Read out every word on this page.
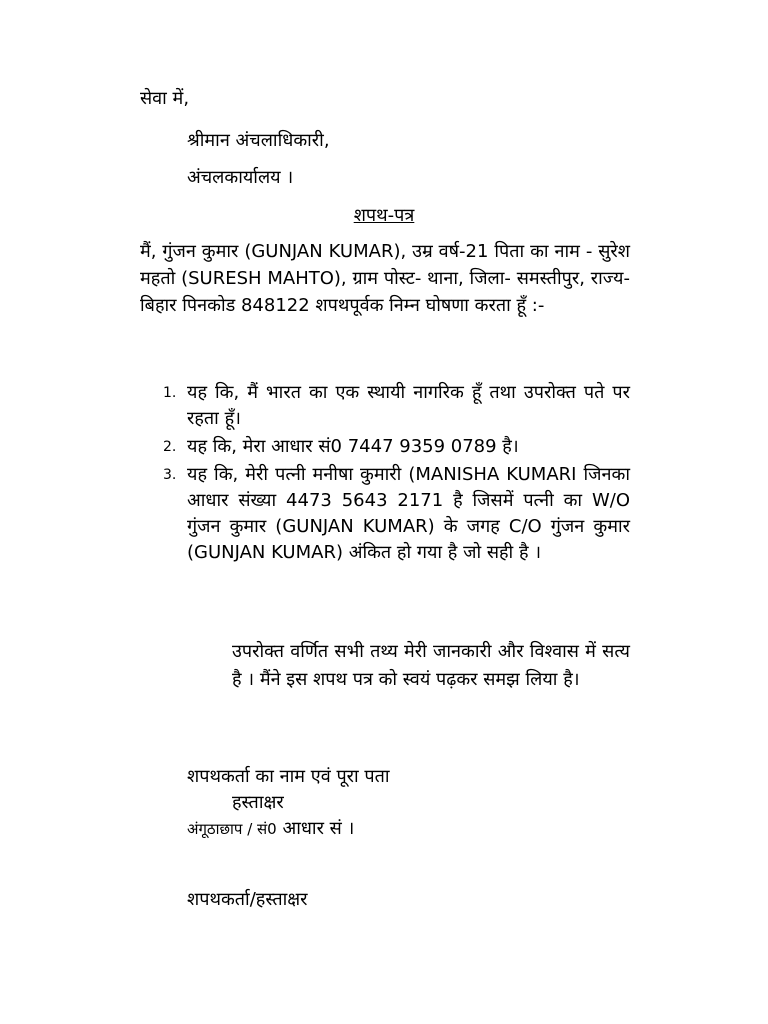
सेवा में,
श्रीमान अंचलाधिकारी,
अंचलकार्यालय ।
शपथ-पत्र
मैं, गुंजन कुमार (GUNJAN KUMAR), उम्र वर्ष-21 पिता का नाम - सुरेश महतो (SURESH MAHTO), ग्राम पोस्ट- थाना, जिला- समस्तीपुर, राज्य-बिहार पिनकोड 848122 शपथपूर्वक निम्न घोषणा करता हूँ :-
1. यह कि, मैं भारत का एक स्थायी नागरिक हूँ तथा उपरोक्त पते पर रहता हूँ।
2. यह कि, मेरा आधार सं0 7447 9359 0789 है।
3. यह कि, मेरी पत्नी मनीषा कुमारी (MANISHA KUMARI जिनका आधार संख्या 4473 5643 2171 है जिसमें पत्नी का W/O गुंजन कुमार (GUNJAN KUMAR) के जगह C/O गुंजन कुमार (GUNJAN KUMAR) अंकित हो गया है जो सही है ।
उपरोक्त वर्णित सभी तथ्य मेरी जानकारी और विश्वास में सत्य है । मैंने इस शपथ पत्र को स्वयं पढ़कर समझ लिया है।
शपथकर्ता का नाम एवं पूरा पता
हस्ताक्षर
अंगूठाछाप / सं0 आधार सं ।
शपथकर्ता/हस्ताक्षर
